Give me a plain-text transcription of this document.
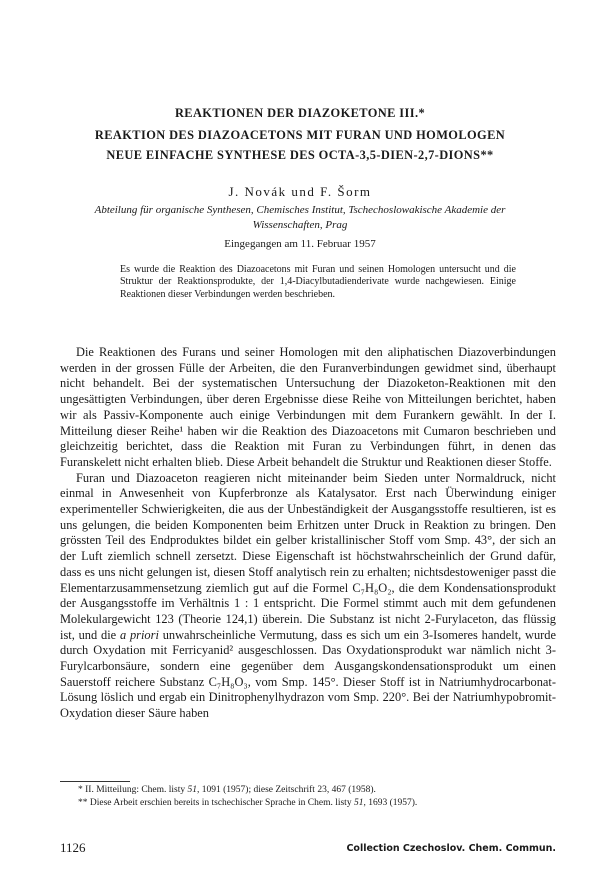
REAKTIONEN DER DIAZOKETONE III.*
REAKTION DES DIAZOACETONS MIT FURAN UND HOMOLOGEN
NEUE EINFACHE SYNTHESE DES OCTA-3,5-DIEN-2,7-DIONS**

J. Novák und F. Šorm

Abteilung für organische Synthesen, Chemisches Institut, Tschechoslowakische Akademie der Wissenschaften, Prag

Eingegangen am 11. Februar 1957

Es wurde die Reaktion des Diazoacetons mit Furan und seinen Homologen untersucht und die Struktur der Reaktionsprodukte, der 1,4-Diacylbutadienderivate wurde nachgewiesen. Einige Reaktionen dieser Verbindungen werden beschrieben.

Die Reaktionen des Furans und seiner Homologen mit den aliphatischen Diazoverbindungen werden in der grossen Fülle der Arbeiten, die den Furanverbindungen gewidmet sind, überhaupt nicht behandelt. Bei der systematischen Untersuchung der Diazoketon-Reaktionen mit den ungesättigten Verbindungen, über deren Ergebnisse diese Reihe von Mitteilungen berichtet, haben wir als Passiv-Komponente auch einige Verbindungen mit dem Furankern gewählt. In der I. Mitteilung dieser Reihe¹ haben wir die Reaktion des Diazoacetons mit Cumaron beschrieben und gleichzeitig berichtet, dass die Reaktion mit Furan zu Verbindungen führt, in denen das Furanskelett nicht erhalten blieb. Diese Arbeit behandelt die Struktur und Reaktionen dieser Stoffe.

Furan und Diazoaceton reagieren nicht miteinander beim Sieden unter Normaldruck, nicht einmal in Anwesenheit von Kupferbronze als Katalysator. Erst nach Überwindung einiger experimenteller Schwierigkeiten, die aus der Unbeständigkeit der Ausgangsstoffe resultieren, ist es uns gelungen, die beiden Komponenten beim Erhitzen unter Druck in Reaktion zu bringen. Den grössten Teil des Endproduktes bildet ein gelber kristallinischer Stoff vom Smp. 43°, der sich an der Luft ziemlich schnell zersetzt. Diese Eigenschaft ist höchstwahrscheinlich der Grund dafür, dass es uns nicht gelungen ist, diesen Stoff analytisch rein zu erhalten; nichtsdestoweniger passt die Elementarzusammensetzung ziemlich gut auf die Formel C₇H₈O₂, die dem Kondensationsprodukt der Ausgangsstoffe im Verhältnis 1 : 1 entspricht. Die Formel stimmt auch mit dem gefundenen Molekulargewicht 123 (Theorie 124,1) überein. Die Substanz ist nicht 2-Furylaceton, das flüssig ist, und die a priori unwahrscheinliche Vermutung, dass es sich um ein 3-Isomeres handelt, wurde durch Oxydation mit Ferricyanid² ausgeschlossen. Das Oxydationsprodukt war nämlich nicht 3-Furylcarbonsäure, sondern eine gegenüber dem Ausgangskondensationsprodukt um einen Sauerstoff reichere Substanz C₇H₈O₃, vom Smp. 145°. Dieser Stoff ist in Natriumhydrocarbonat-Lösung löslich und ergab ein Dinitrophenylhydrazon vom Smp. 220°. Bei der Natriumhypobromit-Oxydation dieser Säure haben

* II. Mitteilung: Chem. listy 51, 1091 (1957); diese Zeitschrift 23, 467 (1958).

** Diese Arbeit erschien bereits in tschechischer Sprache in Chem. listy 51, 1693 (1957).

1126	Collection Czechoslov. Chem. Commun.
